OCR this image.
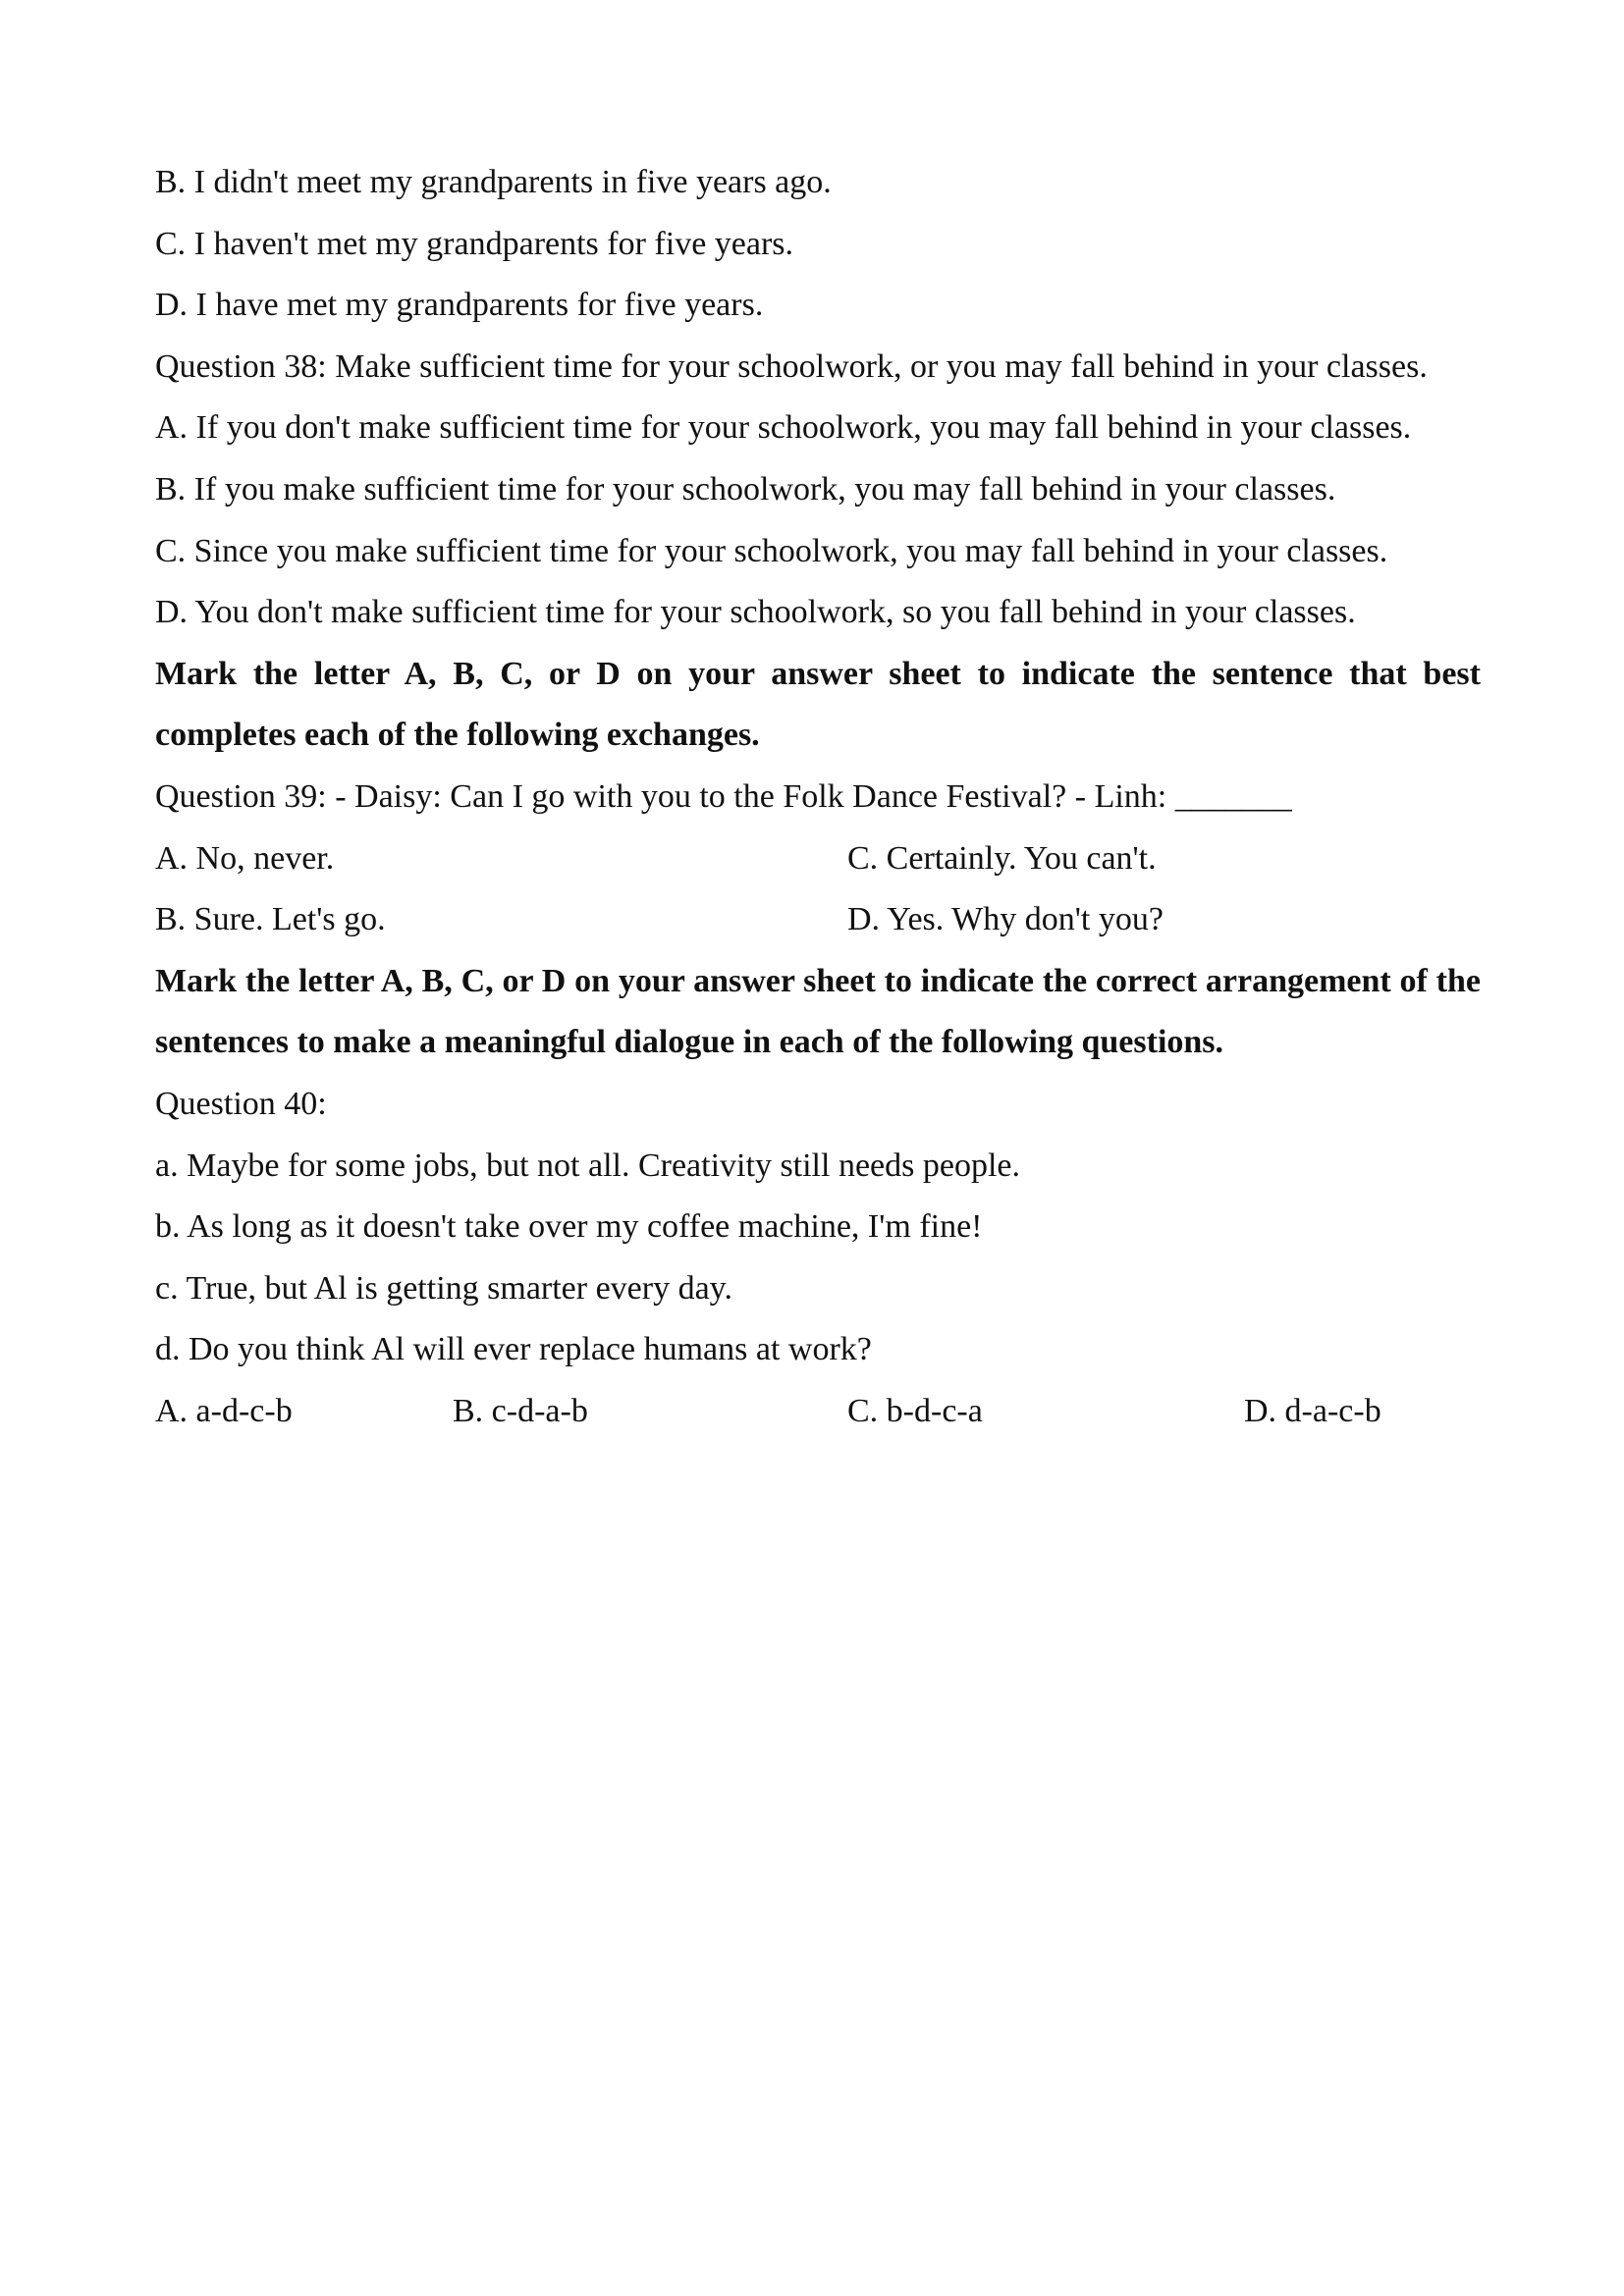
B. I didn't meet my grandparents in five years ago.
C. I haven't met my grandparents for five years.
D. I have met my grandparents for five years.
Question 38: Make sufficient time for your schoolwork, or you may fall behind in your classes.
A. If you don't make sufficient time for your schoolwork, you may fall behind in your classes.
B. If you make sufficient time for your schoolwork, you may fall behind in your classes.
C. Since you make sufficient time for your schoolwork, you may fall behind in your classes.
D. You don't make sufficient time for your schoolwork, so you fall behind in your classes.
Mark the letter A, B, C, or D on your answer sheet to indicate the sentence that best completes each of the following exchanges.
Question 39: - Daisy: Can I go with you to the Folk Dance Festival? - Linh: _______
A. No, never.	C. Certainly. You can't.
B. Sure. Let's go.	D. Yes. Why don't you?
Mark the letter A, B, C, or D on your answer sheet to indicate the correct arrangement of the sentences to make a meaningful dialogue in each of the following questions.
Question 40:
a. Maybe for some jobs, but not all. Creativity still needs people.
b. As long as it doesn't take over my coffee machine, I'm fine!
c. True, but Al is getting smarter every day.
d. Do you think Al will ever replace humans at work?
A. a-d-c-b	B. c-d-a-b	C. b-d-c-a	D. d-a-c-b
